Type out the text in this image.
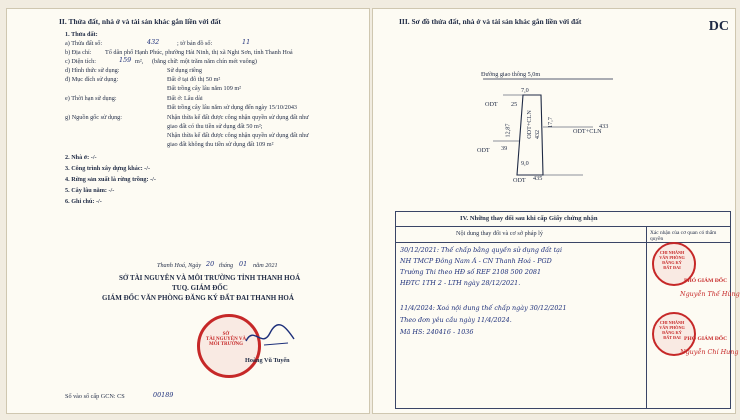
II. Thửa đất, nhà ở và tài sản khác gắn liền với đất
1. Thửa đất:
a) Thửa đất số:	432	; tờ bản đồ số:	11
b) Địa chỉ: Tổ dân phố Hạnh Phúc, phường Hải Ninh, thị xã Nghi Sơn, tỉnh Thanh Hoá
c) Diện tích:	159 m², (bằng chữ: một trăm năm chín mét vuông)
d) Hình thức sử dụng:	Sử dụng riêng
đ) Mục đích sử dụng:	Đất ở tại đô thị 50 m²
Đất trồng cây lâu năm 109 m²
e) Thời hạn sử dụng:	Đất ở: Lâu dài
Đất trồng cây lâu năm sử dụng đến ngày 15/10/2043
g) Nguồn gốc sử dụng:	Nhận thừa kế đất được công nhận quyền sử dụng đất như
giao đất có thu tiền sử dụng đất 50 m²;
Nhận thừa kế đất được công nhận quyền sử dụng đất như
giao đất không thu tiền sử dụng đất 109 m²
2. Nhà ở: -/-
3. Công trình xây dựng khác: -/-
4. Rừng sản xuất là rừng trồng: -/-
5. Cây lâu năm: -/-
6. Ghi chú: -/-
Thanh Hoá, Ngày 20 tháng 01 năm 2021
SỞ TÀI NGUYÊN VÀ MÔI TRƯỜNG TỈNH THANH HOÁ
TUQ. GIÁM ĐỐC
GIÁM ĐỐC VĂN PHÒNG ĐĂNG KÝ ĐẤT ĐAI THANH HOÁ
SỞ
TÀI NGUYÊN VÀ
MÔI TRƯỜNG
Hoàng Vũ Tuyến
Số vào sổ cấp GCN: CS	00189
III. Sơ đồ thửa đất, nhà ở và tài sản khác gắn liền với đất	DC
Đường giao thông 5,0m
ODT 25
ODT 39
ODT+CLN
433
ODT 435
7,0
9,0
17,7
12,87 ODT+CLN 432
IV. Những thay đổi sau khi cấp Giấy chứng nhận
Nội dung thay đổi và cơ sở pháp lý	Xác nhận của cơ quan có thẩm quyền
30/12/2021: Thế chấp bằng quyền sử dụng đất tại
NH TMCP Đông Nam Á - CN Thanh Hoá - PGD
Trường Thi theo HĐ số REF 2108 500 2081
HĐTC 1TH 2 - LTH ngày 28/12/2021.
11/4/2024: Xoá nội dung thế chấp ngày 30/12/2021
Theo đơn yêu cầu ngày 11/4/2024.
Mã HS: 240416 - 1036
CHI NHÁNH
VĂN PHÒNG
ĐĂNG KÝ
ĐẤT ĐAI
PHÓ GIÁM ĐỐC
Nguyễn Thế Hùng
CHI NHÁNH
VĂN PHÒNG
ĐĂNG KÝ
ĐẤT ĐAI PHÓ GIÁM ĐỐC
Nguyễn Chí Hưng
